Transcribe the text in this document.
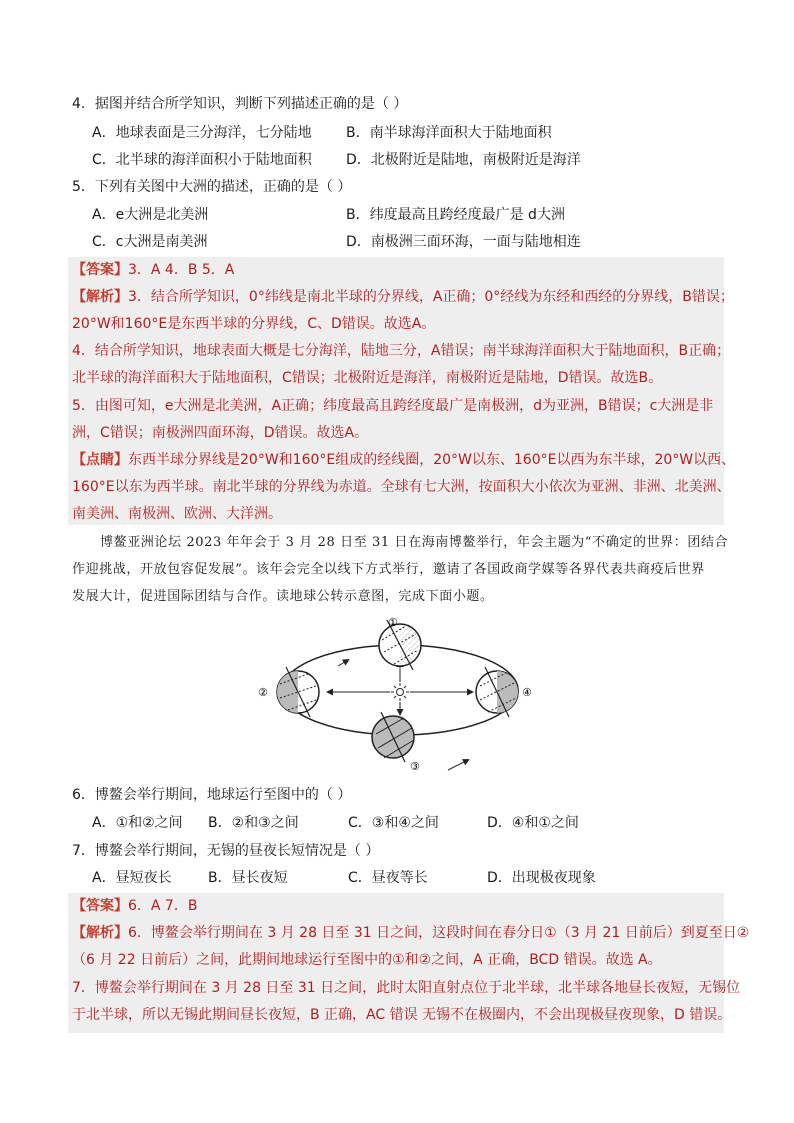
4．据图并结合所学知识，判断下列描述正确的是（ ）
A．地球表面是三分海洋，七分陆地 B．南半球海洋面积大于陆地面积
C．北半球的海洋面积小于陆地面积 D．北极附近是陆地，南极附近是海洋
5．下列有关图中大洲的描述，正确的是（ ）
A．e大洲是北美洲	B．纬度最高且跨经度最广是 d大洲
C．c大洲是南美洲	D．南极洲三面环海，一面与陆地相连
【答案】3．A 4．B 5．A
【解析】3．结合所学知识，0°纬线是南北半球的分界线，A正确；0°经线为东经和西经的分界线，B错误；
20°W和160°E是东西半球的分界线，C、D错误。故选A。
4．结合所学知识，地球表面大概是七分海洋，陆地三分，A错误；南半球海洋面积大于陆地面积，B正确；
北半球的海洋面积大于陆地面积，C错误；北极附近是海洋，南极附近是陆地，D错误。故选B。
5．由图可知，e大洲是北美洲，A正确；纬度最高且跨经度最广是南极洲，d为亚洲，B错误；c大洲是非
洲，C错误；南极洲四面环海，D错误。故选A。
【点睛】东西半球分界线是20°W和160°E组成的经线圈，20°W以东、160°E以西为东半球，20°W以西、
160°E以东为西半球。南北半球的分界线为赤道。全球有七大洲，按面积大小依次为亚洲、非洲、北美洲、
南美洲、南极洲、欧洲、大洋洲。
博鳌亚洲论坛 2023 年年会于 3 月 28 日至 31 日在海南博鳌举行，年会主题为“不确定的世界：团结合
作迎挑战，开放包容促发展”。该年会完全以线下方式举行，邀请了各国政商学媒等各界代表共商疫后世界
发展大计，促进国际团结与合作。读地球公转示意图，完成下面小题。
①
②
③
④
6．博鳌会举行期间，地球运行至图中的（ ）
A．①和②之间 B．②和③之间	C．③和④之间	D．④和①之间
7．博鳌会举行期间，无锡的昼夜长短情况是（ ）
A．昼短夜长	B．昼长夜短	C．昼夜等长	D．出现极夜现象
【答案】6．A 7．B
【解析】6．博鳌会举行期间在 3 月 28 日至 31 日之间，这段时间在春分日①（3 月 21 日前后）到夏至日②
（6 月 22 日前后）之间，此期间地球运行至图中的①和②之间，A 正确，BCD 错误。故选 A。
7．博鳌会举行期间在 3 月 28 日至 31 日之间，此时太阳直射点位于北半球，北半球各地昼长夜短，无锡位
于北半球，所以无锡此期间昼长夜短，B 正确，AC 错误 无锡不在极圈内，不会出现极昼夜现象，D 错误。
